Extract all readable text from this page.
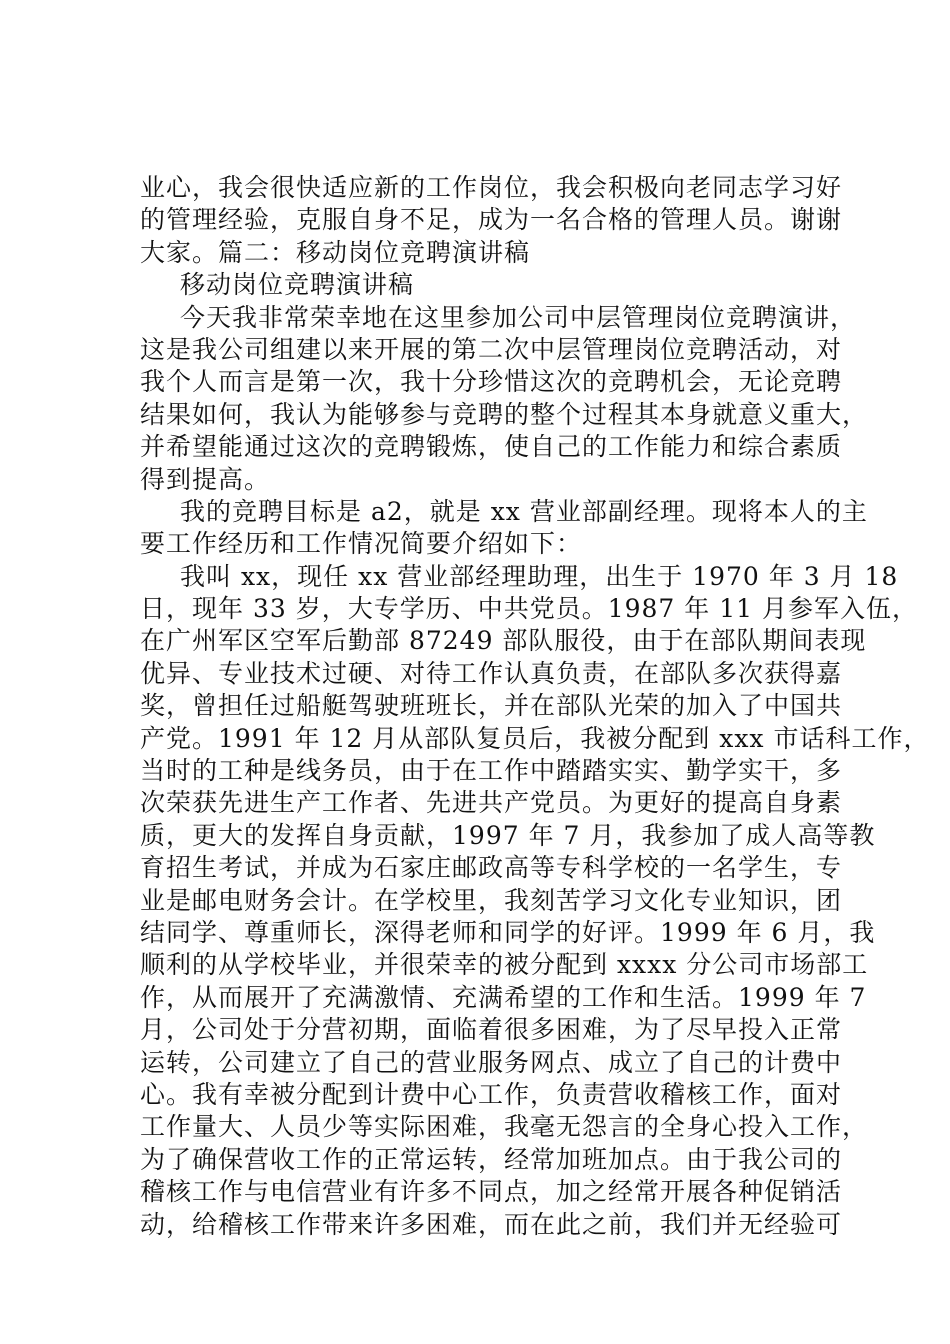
业心，我会很快适应新的工作岗位，我会积极向老同志学习好
的管理经验，克服自身不足，成为一名合格的管理人员。谢谢
大家。篇二：移动岗位竞聘演讲稿
移动岗位竞聘演讲稿
今天我非常荣幸地在这里参加公司中层管理岗位竞聘演讲，
这是我公司组建以来开展的第二次中层管理岗位竞聘活动，对
我个人而言是第一次，我十分珍惜这次的竞聘机会，无论竞聘
结果如何，我认为能够参与竞聘的整个过程其本身就意义重大，
并希望能通过这次的竞聘锻炼，使自己的工作能力和综合素质
得到提高。
我的竞聘目标是 a2，就是 xx 营业部副经理。现将本人的主
要工作经历和工作情况简要介绍如下：
我叫 xx，现任 xx 营业部经理助理，出生于 1970 年 3 月 18
日，现年 33 岁，大专学历、中共党员。1987 年 11 月参军入伍，
在广州军区空军后勤部 87249 部队服役，由于在部队期间表现
优异、专业技术过硬、对待工作认真负责，在部队多次获得嘉
奖，曾担任过船艇驾驶班班长，并在部队光荣的加入了中国共
产党。1991 年 12 月从部队复员后，我被分配到 xxx 市话科工作，
当时的工种是线务员，由于在工作中踏踏实实、勤学实干，多
次荣获先进生产工作者、先进共产党员。为更好的提高自身素
质，更大的发挥自身贡献，1997 年 7 月，我参加了成人高等教
育招生考试，并成为石家庄邮政高等专科学校的一名学生，专
业是邮电财务会计。在学校里，我刻苦学习文化专业知识，团
结同学、尊重师长，深得老师和同学的好评。1999 年 6 月，我
顺利的从学校毕业，并很荣幸的被分配到 xxxx 分公司市场部工
作，从而展开了充满激情、充满希望的工作和生活。1999 年 7
月，公司处于分营初期，面临着很多困难，为了尽早投入正常
运转，公司建立了自己的营业服务网点、成立了自己的计费中
心。我有幸被分配到计费中心工作，负责营收稽核工作，面对
工作量大、人员少等实际困难，我毫无怨言的全身心投入工作，
为了确保营收工作的正常运转，经常加班加点。由于我公司的
稽核工作与电信营业有许多不同点，加之经常开展各种促销活
动，给稽核工作带来许多困难，而在此之前，我们并无经验可
